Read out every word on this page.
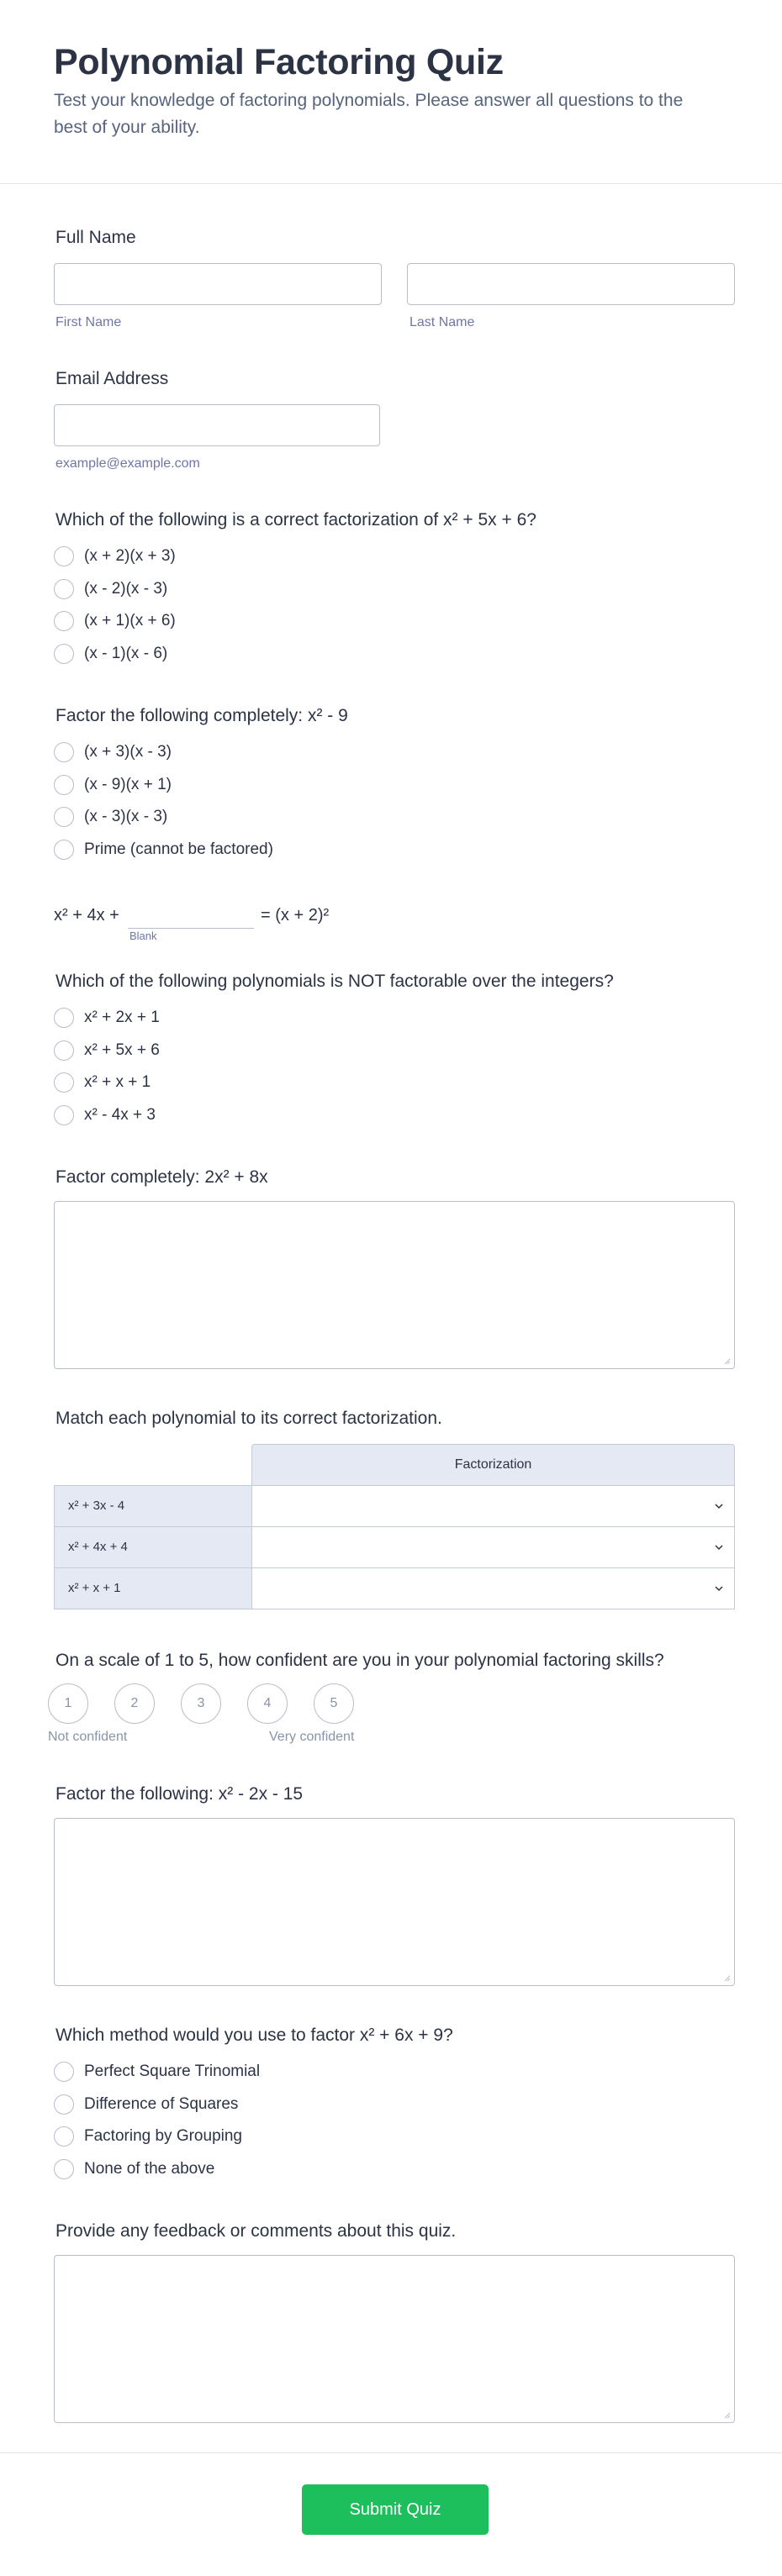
Polynomial Factoring Quiz

Test your knowledge of factoring polynomials. Please answer all questions to the best of your ability.

Full Name
First Name	Last Name
Email Address
example@example.com
Which of the following is a correct factorization of x² + 5x + 6?
(x + 2)(x + 3)
(x - 2)(x - 3)
(x + 1)(x + 6)
(x - 1)(x - 6)
Factor the following completely: x² - 9
(x + 3)(x - 3)
(x - 9)(x + 1)
(x - 3)(x - 3)
Prime (cannot be factored)
x² + 4x +	= (x + 2)²
Blank
Which of the following polynomials is NOT factorable over the integers?
x² + 2x + 1
x² + 5x + 6
x² + x + 1
x² - 4x + 3
Factor completely: 2x² + 8x
Match each polynomial to its correct factorization.
Factorization
x² + 3x - 4
x² + 4x + 4
x² + x + 1
On a scale of 1 to 5, how confident are you in your polynomial factoring skills?
1	2	3	4	5
Not confident	Very confident
Factor the following: x² - 2x - 15
Which method would you use to factor x² + 6x + 9?
Perfect Square Trinomial
Difference of Squares
Factoring by Grouping
None of the above
Provide any feedback or comments about this quiz.
Submit Quiz
